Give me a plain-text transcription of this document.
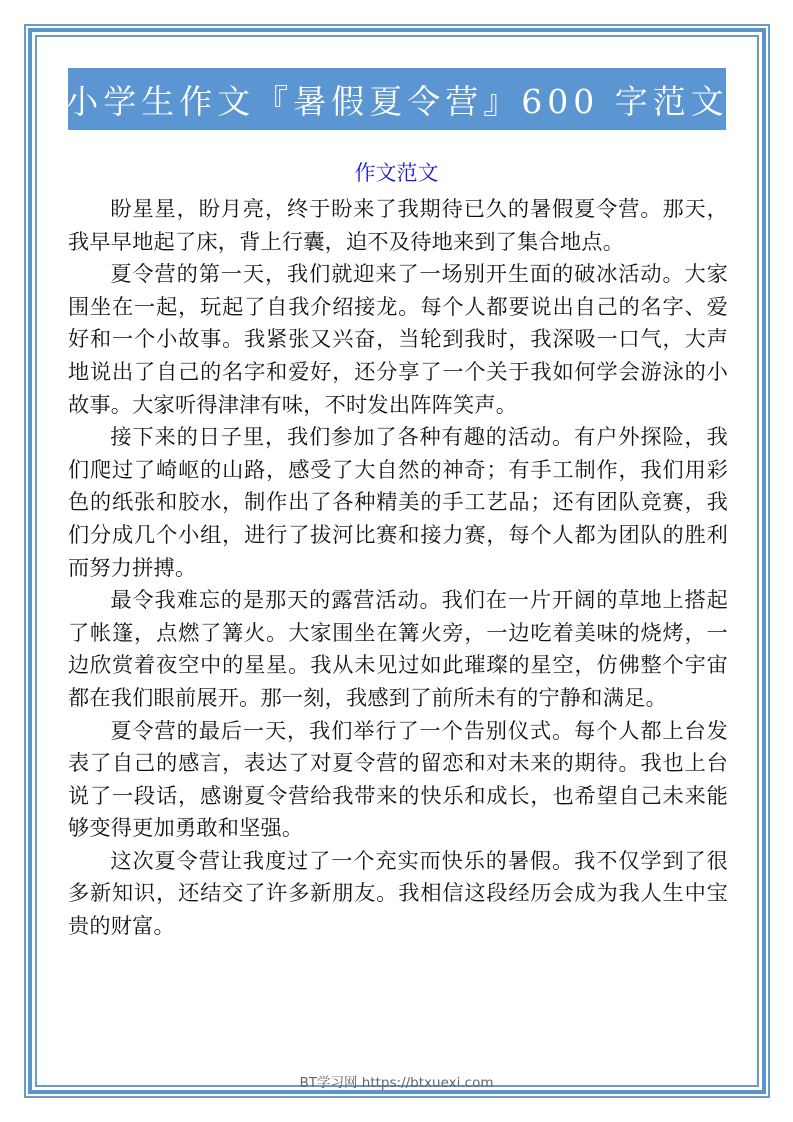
小学生作文『暑假夏令营』600 字范文
作文范文

盼星星，盼月亮，终于盼来了我期待已久的暑假夏令营。那天，我早早地起了床，背上行囊，迫不及待地来到了集合地点。

夏令营的第一天，我们就迎来了一场别开生面的破冰活动。大家围坐在一起，玩起了自我介绍接龙。每个人都要说出自己的名字、爱好和一个小故事。我紧张又兴奋，当轮到我时，我深吸一口气，大声地说出了自己的名字和爱好，还分享了一个关于我如何学会游泳的小故事。大家听得津津有味，不时发出阵阵笑声。

接下来的日子里，我们参加了各种有趣的活动。有户外探险，我们爬过了崎岖的山路，感受了大自然的神奇；有手工制作，我们用彩色的纸张和胶水，制作出了各种精美的手工艺品；还有团队竞赛，我们分成几个小组，进行了拔河比赛和接力赛，每个人都为团队的胜利而努力拼搏。

最令我难忘的是那天的露营活动。我们在一片开阔的草地上搭起了帐篷，点燃了篝火。大家围坐在篝火旁，一边吃着美味的烧烤，一边欣赏着夜空中的星星。我从未见过如此璀璨的星空，仿佛整个宇宙都在我们眼前展开。那一刻，我感到了前所未有的宁静和满足。

夏令营的最后一天，我们举行了一个告别仪式。每个人都上台发表了自己的感言，表达了对夏令营的留恋和对未来的期待。我也上台说了一段话，感谢夏令营给我带来的快乐和成长，也希望自己未来能够变得更加勇敢和坚强。

这次夏令营让我度过了一个充实而快乐的暑假。我不仅学到了很多新知识，还结交了许多新朋友。我相信这段经历会成为我人生中宝贵的财富。

BT学习网 https://btxuexi.com
